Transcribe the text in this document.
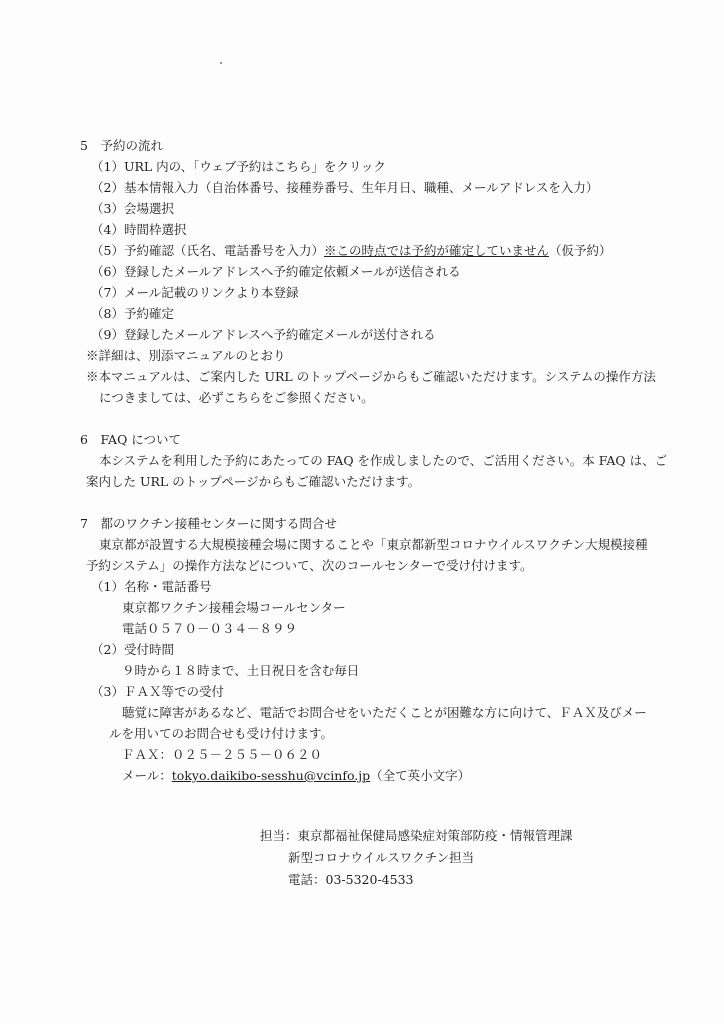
5　予約の流れ
（1）URL 内の、「ウェブ予約はこちら」をクリック
（2）基本情報入力（自治体番号、接種券番号、生年月日、職種、メールアドレスを入力）
（3）会場選択
（4）時間枠選択
（5）予約確認（氏名、電話番号を入力）※この時点では予約が確定していません（仮予約）
（6）登録したメールアドレスへ予約確定依頼メールが送信される
（7）メール記載のリンクより本登録
（8）予約確定
（9）登録したメールアドレスへ予約確定メールが送付される
※詳細は、別添マニュアルのとおり
※本マニュアルは、ご案内した URL のトップページからもご確認いただけます。システムの操作方法
につきましては、必ずこちらをご参照ください。
6　FAQ について
本システムを利用した予約にあたっての FAQ を作成しましたので、ご活用ください。本 FAQ は、ご
案内した URL のトップページからもご確認いただけます。
7　都のワクチン接種センターに関する問合せ
東京都が設置する大規模接種会場に関することや「東京都新型コロナウイルスワクチン大規模接種
予約システム」の操作方法などについて、次のコールセンターで受け付けます。
（1）名称・電話番号
東京都ワクチン接種会場コールセンター
電話０５７０－０３４－８９９
（2）受付時間
９時から１８時まで、土日祝日を含む毎日
（3）ＦＡＸ等での受付
聴覚に障害があるなど、電話でお問合せをいただくことが困難な方に向けて、ＦＡＸ及びメー
ルを用いてのお問合せも受け付けます。
ＦＡＸ：０２５－２５５－０６２０
メール：tokyo.daikibo-sesshu@vcinfo.jp（全て英小文字）
担当：東京都福祉保健局感染症対策部防疫・情報管理課
新型コロナウイルスワクチン担当
電話：03-5320-4533
